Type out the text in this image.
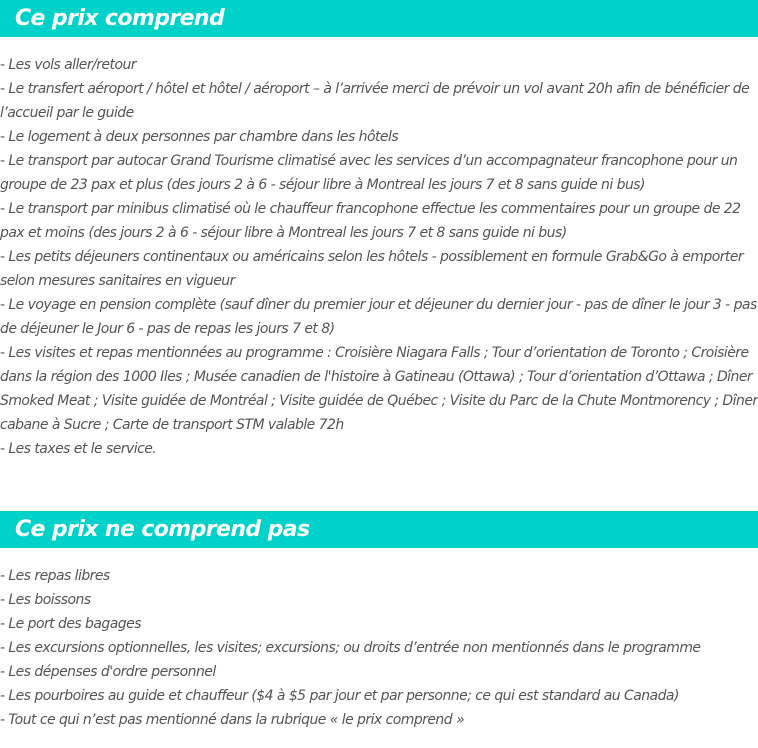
Ce prix comprend

- Les vols aller/retour

- Le transfert aéroport / hôtel et hôtel / aéroport – à l’arrivée merci de prévoir un vol avant 20h afin de bénéficier de l’accueil par le guide

- Le logement à deux personnes par chambre dans les hôtels

- Le transport par autocar Grand Tourisme climatisé avec les services d’un accompagnateur francophone pour un groupe de 23 pax et plus (des jours 2 à 6 - séjour libre à Montreal les jours 7 et 8 sans guide ni bus)

- Le transport par minibus climatisé où le chauffeur francophone effectue les commentaires pour un groupe de 22 pax et moins (des jours 2 à 6 - séjour libre à Montreal les jours 7 et 8 sans guide ni bus)

- Les petits déjeuners continentaux ou américains selon les hôtels - possiblement en formule Grab&Go à emporter selon mesures sanitaires en vigueur

- Le voyage en pension complète (sauf dîner du premier jour et déjeuner du dernier jour - pas de dîner le jour 3 - pas de déjeuner le Jour 6 - pas de repas les jours 7 et 8)

- Les visites et repas mentionnées au programme : Croisière Niagara Falls ; Tour d’orientation de Toronto ; Croisière dans la région des 1000 Iles ; Musée canadien de l'histoire à Gatineau (Ottawa) ; Tour d’orientation d’Ottawa ; Dîner Smoked Meat ; Visite guidée de Montréal ; Visite guidée de Québec ; Visite du Parc de la Chute Montmorency ; Dîner cabane à Sucre ; Carte de transport STM valable 72h

- Les taxes et le service.

Ce prix ne comprend pas

- Les repas libres

- Les boissons

- Le port des bagages

- Les excursions optionnelles, les visites; excursions; ou droits d’entrée non mentionnés dans le programme

- Les dépenses d'ordre personnel

- Les pourboires au guide et chauffeur ($4 à $5 par jour et par personne; ce qui est standard au Canada)

- Tout ce qui n’est pas mentionné dans la rubrique « le prix comprend »
